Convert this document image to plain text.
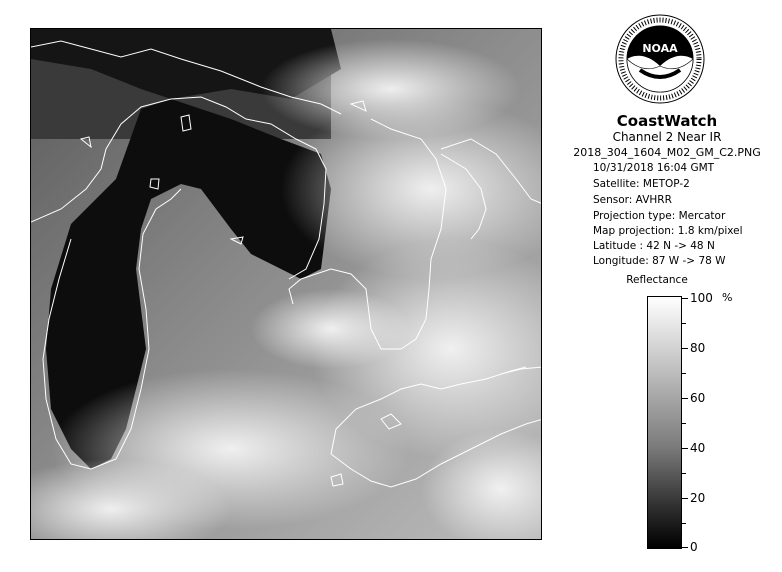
NOAA
CoastWatch
Channel 2 Near IR
2018_304_1604_M02_GM_C2.PNG
10/31/2018 16:04 GMT
Satellite: METOP-2
Sensor: AVHRR
Projection type: Mercator
Map projection: 1.8 km/pixel
Latitude : 42 N -> 48 N
Longitude: 87 W -> 78 W
Reflectance
%
100
80
60
40
20
0
